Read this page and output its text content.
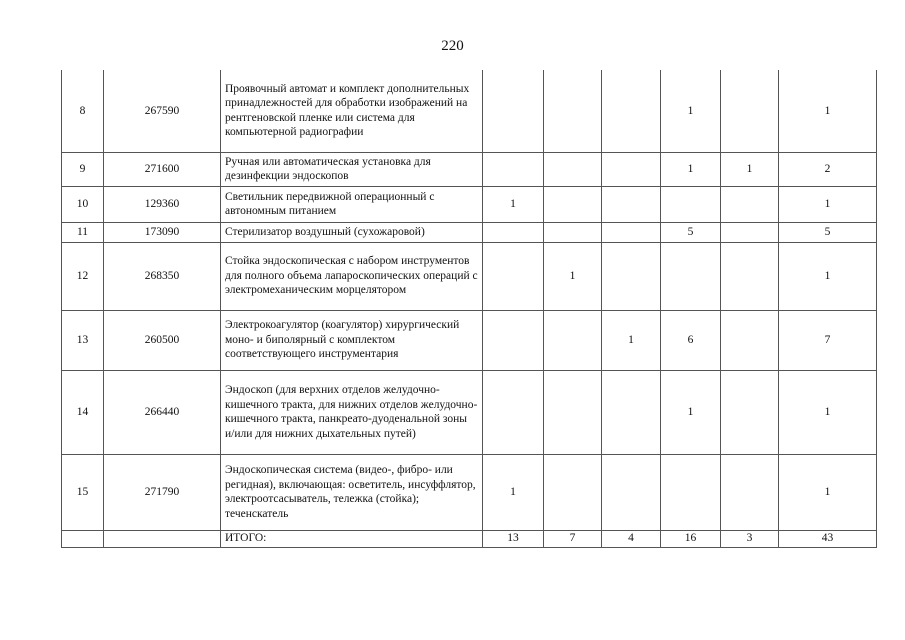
220
8	267590	Проявочный автомат и комплект дополнительных принадлежностей для обработки изображений на рентгеновской пленке или система для компьютерной радиографии				1		1
9	271600	Ручная или автоматическая установка для дезинфекции эндоскопов				1	1	2
10	129360	Светильник передвижной операционный с автономным питанием	1					1
11	173090	Стерилизатор воздушный (сухожаровой)				5		5
12	268350	Стойка эндоскопическая с набором инструментов для полного объема лапароскопических операций с электромеханическим морцелятором		1				1
13	260500	Электрокоагулятор (коагулятор) хирургический моно- и биполярный с комплектом соответствующего инструментария			1	6		7
14	266440	Эндоскоп (для верхних отделов желудочно-кишечного тракта, для нижних отделов желудочно-кишечного тракта, панкреато-дуоденальной зоны и/или для нижних дыхательных путей)				1		1
15	271790	Эндоскопическая система (видео-, фибро- или регидная), включающая: осветитель, инсуффлятор, электроотсасыватель, тележка (стойка); теченскатель	1					1
		ИТОГО:	13	7	4	16	3	43
